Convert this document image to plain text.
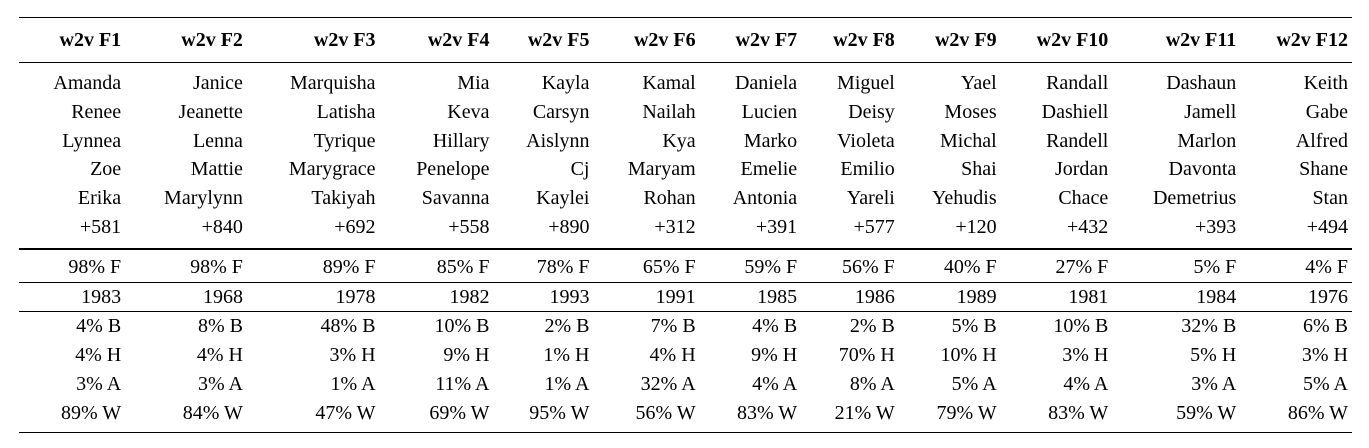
w2v F1	w2v F2	w2v F3	w2v F4	w2v F5	w2v F6	w2v F7	w2v F8	w2v F9	w2v F10	w2v F11	w2v F12
Amanda	Janice	Marquisha	Mia	Kayla	Kamal	Daniela	Miguel	Yael	Randall	Dashaun	Keith
Renee	Jeanette	Latisha	Keva	Carsyn	Nailah	Lucien	Deisy	Moses	Dashiell	Jamell	Gabe
Lynnea	Lenna	Tyrique	Hillary	Aislynn	Kya	Marko	Violeta	Michal	Randell	Marlon	Alfred
Zoe	Mattie	Marygrace	Penelope	Cj	Maryam	Emelie	Emilio	Shai	Jordan	Davonta	Shane
Erika	Marylynn	Takiyah	Savanna	Kaylei	Rohan	Antonia	Yareli	Yehudis	Chace	Demetrius	Stan
+581	+840	+692	+558	+890	+312	+391	+577	+120	+432	+393	+494
98% F	98% F	89% F	85% F	78% F	65% F	59% F	56% F	40% F	27% F	5% F	4% F
1983	1968	1978	1982	1993	1991	1985	1986	1989	1981	1984	1976
4% B	8% B	48% B	10% B	2% B	7% B	4% B	2% B	5% B	10% B	32% B	6% B
4% H	4% H	3% H	9% H	1% H	4% H	9% H	70% H	10% H	3% H	5% H	3% H
3% A	3% A	1% A	11% A	1% A	32% A	4% A	8% A	5% A	4% A	3% A	5% A
89% W	84% W	47% W	69% W	95% W	56% W	83% W	21% W	79% W	83% W	59% W	86% W
